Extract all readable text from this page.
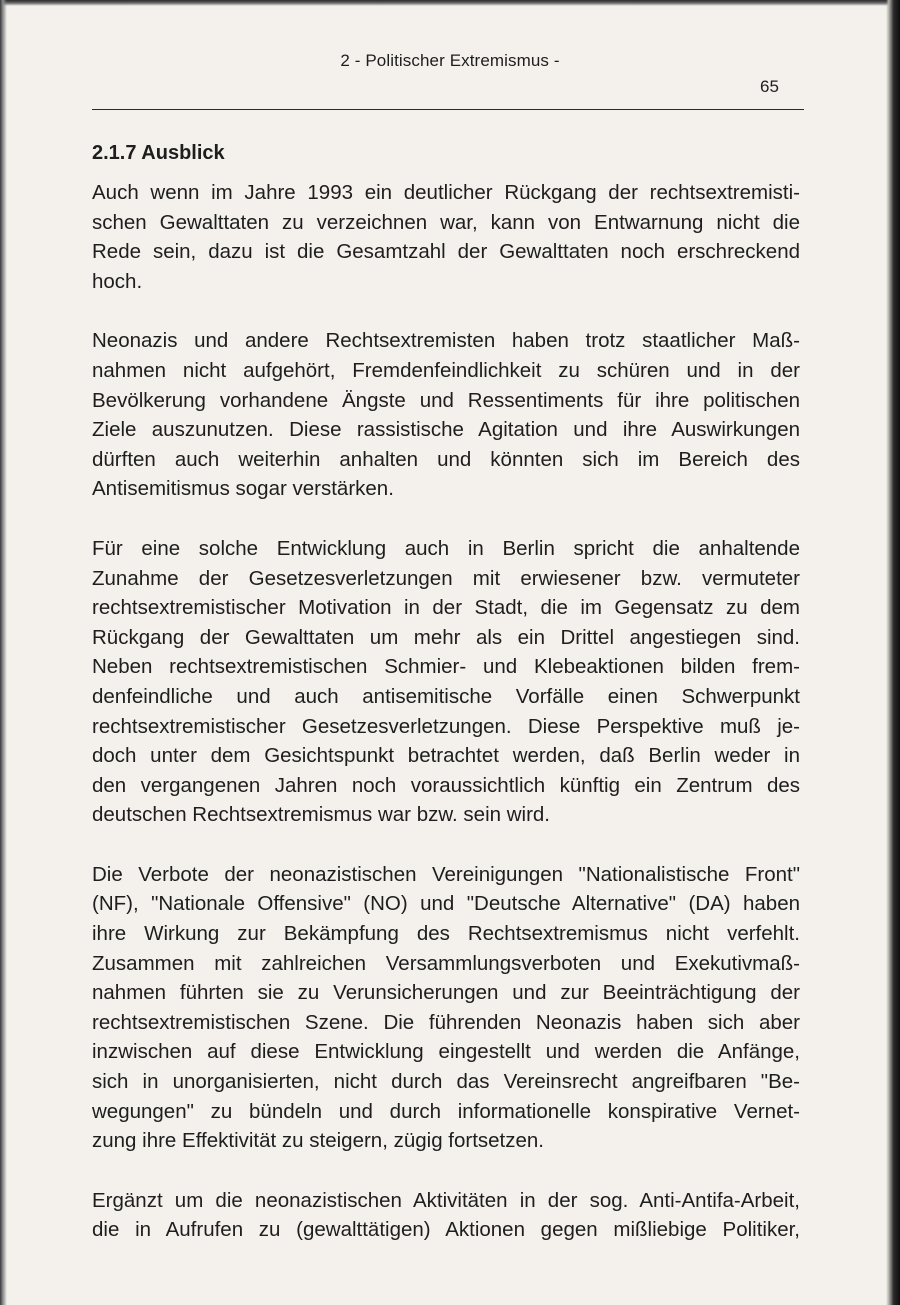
2 - Politischer Extremismus -
65
2.1.7 Ausblick

Auch wenn im Jahre 1993 ein deutlicher Rückgang der rechtsextremisti-
schen Gewalttaten zu verzeichnen war, kann von Entwarnung nicht die
Rede sein, dazu ist die Gesamtzahl der Gewalttaten noch erschreckend
hoch.

Neonazis und andere Rechtsextremisten haben trotz staatlicher Maß-
nahmen nicht aufgehört, Fremdenfeindlichkeit zu schüren und in der
Bevölkerung vorhandene Ängste und Ressentiments für ihre politischen
Ziele auszunutzen. Diese rassistische Agitation und ihre Auswirkungen
dürften auch weiterhin anhalten und könnten sich im Bereich des
Antisemitismus sogar verstärken.

Für eine solche Entwicklung auch in Berlin spricht die anhaltende
Zunahme der Gesetzesverletzungen mit erwiesener bzw. vermuteter
rechtsextremistischer Motivation in der Stadt, die im Gegensatz zu dem
Rückgang der Gewalttaten um mehr als ein Drittel angestiegen sind.
Neben rechtsextremistischen Schmier- und Klebeaktionen bilden frem-
denfeindliche und auch antisemitische Vorfälle einen Schwerpunkt
rechtsextremistischer Gesetzesverletzungen. Diese Perspektive muß je-
doch unter dem Gesichtspunkt betrachtet werden, daß Berlin weder in
den vergangenen Jahren noch voraussichtlich künftig ein Zentrum des
deutschen Rechtsextremismus war bzw. sein wird.

Die Verbote der neonazistischen Vereinigungen "Nationalistische Front"
(NF), "Nationale Offensive" (NO) und "Deutsche Alternative" (DA) haben
ihre Wirkung zur Bekämpfung des Rechtsextremismus nicht verfehlt.
Zusammen mit zahlreichen Versammlungsverboten und Exekutivmaß-
nahmen führten sie zu Verunsicherungen und zur Beeinträchtigung der
rechtsextremistischen Szene. Die führenden Neonazis haben sich aber
inzwischen auf diese Entwicklung eingestellt und werden die Anfänge,
sich in unorganisierten, nicht durch das Vereinsrecht angreifbaren "Be-
wegungen" zu bündeln und durch informationelle konspirative Vernet-
zung ihre Effektivität zu steigern, zügig fortsetzen.

Ergänzt um die neonazistischen Aktivitäten in der sog. Anti-Antifa-Arbeit,
die in Aufrufen zu (gewalttätigen) Aktionen gegen mißliebige Politiker,
